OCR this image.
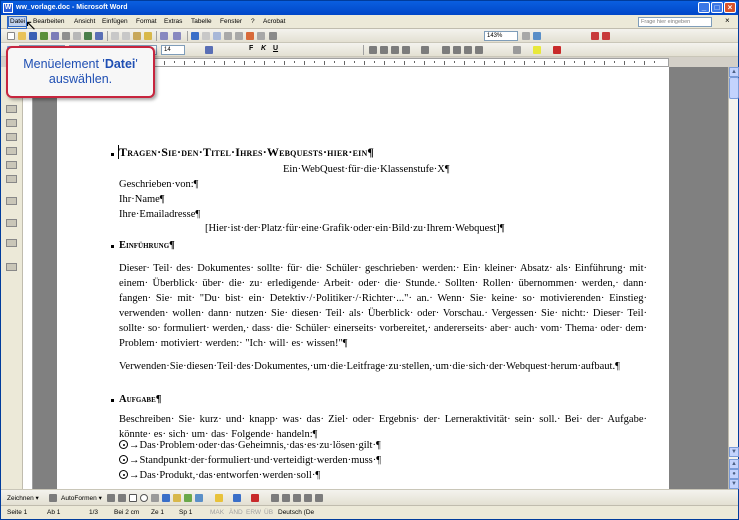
W ww_vorlage.doc - Microsoft Word	_	□	×
Datei	Bearbeiten Ansicht Einfügen Format Extras Tabelle Fenster ? Acrobat	Frage hier eingeben	×
143%
14	F K U
Tragen·Sie·den·Titel·Ihres·Webquests·hier·ein¶
Ein·WebQuest·für·die·Klassenstufe·X¶
Geschrieben·von:¶
Ihr·Name¶
Ihre·Emailadresse¶
[Hier·ist·der·Platz·für·eine·Grafik·oder·ein·Bild·zu·Ihrem·Webquest]¶
Einführung¶
Dieser· Teil· des· Dokumentes· sollte· für· die· Schüler· geschrieben· werden:· Ein· kleiner· Absatz· als· Einführung· mit· einem· Überblick· über· die· zu· erledigende· Arbeit· oder· die· Stunde.· Sollten· Rollen· übernommen· werden,· dann· fangen· Sie· mit· "Du· bist· ein· Detektiv·/·Politiker·/·Richter·..."· an.· Wenn· Sie· keine· so· motivierenden· Einstieg· verwenden· wollen· dann· nutzen· Sie· diesen· Teil· als· Überblick· oder· Vorschau.· Vergessen· Sie· nicht:· Dieser· Teil· sollte· so· formuliert· werden,· dass· die· Schüler· einerseits· vorbereitet,· andererseits· aber· auch· vom· Thema· oder· dem· Problem· motiviert· werden:· "Ich· will· es· wissen!"¶
Verwenden·Sie·diesen·Teil·des·Dokumentes,·um·die·Leitfrage·zu·stellen,·um·die·sich·der·Webquest·herum·aufbaut.¶
Aufgabe¶
Beschreiben· Sie· kurz· und· knapp· was· das· Ziel· oder· Ergebnis· der· Lerneraktivität· sein· soll.· Bei· der· Aufgabe· könnte· es· sich· um· das· Folgende· handeln:¶
→Das·Problem·oder·das·Geheimnis,·das·es·zu·lösen·gilt·¶
→Standpunkt·der·formuliert·und·verteidigt·werden·muss·¶
→Das·Produkt,·das·entworfen·werden·soll·¶
▲
▼
▲
●
▼
Zeichnen ▾	AutoFormen ▾
Seite 1	Ab 1	1/3 Bei 2 cm Ze 1 Sp 1	MAK ÄND ERW ÜB Deutsch (De
↖
Menüelement 'Datei'
auswählen.
